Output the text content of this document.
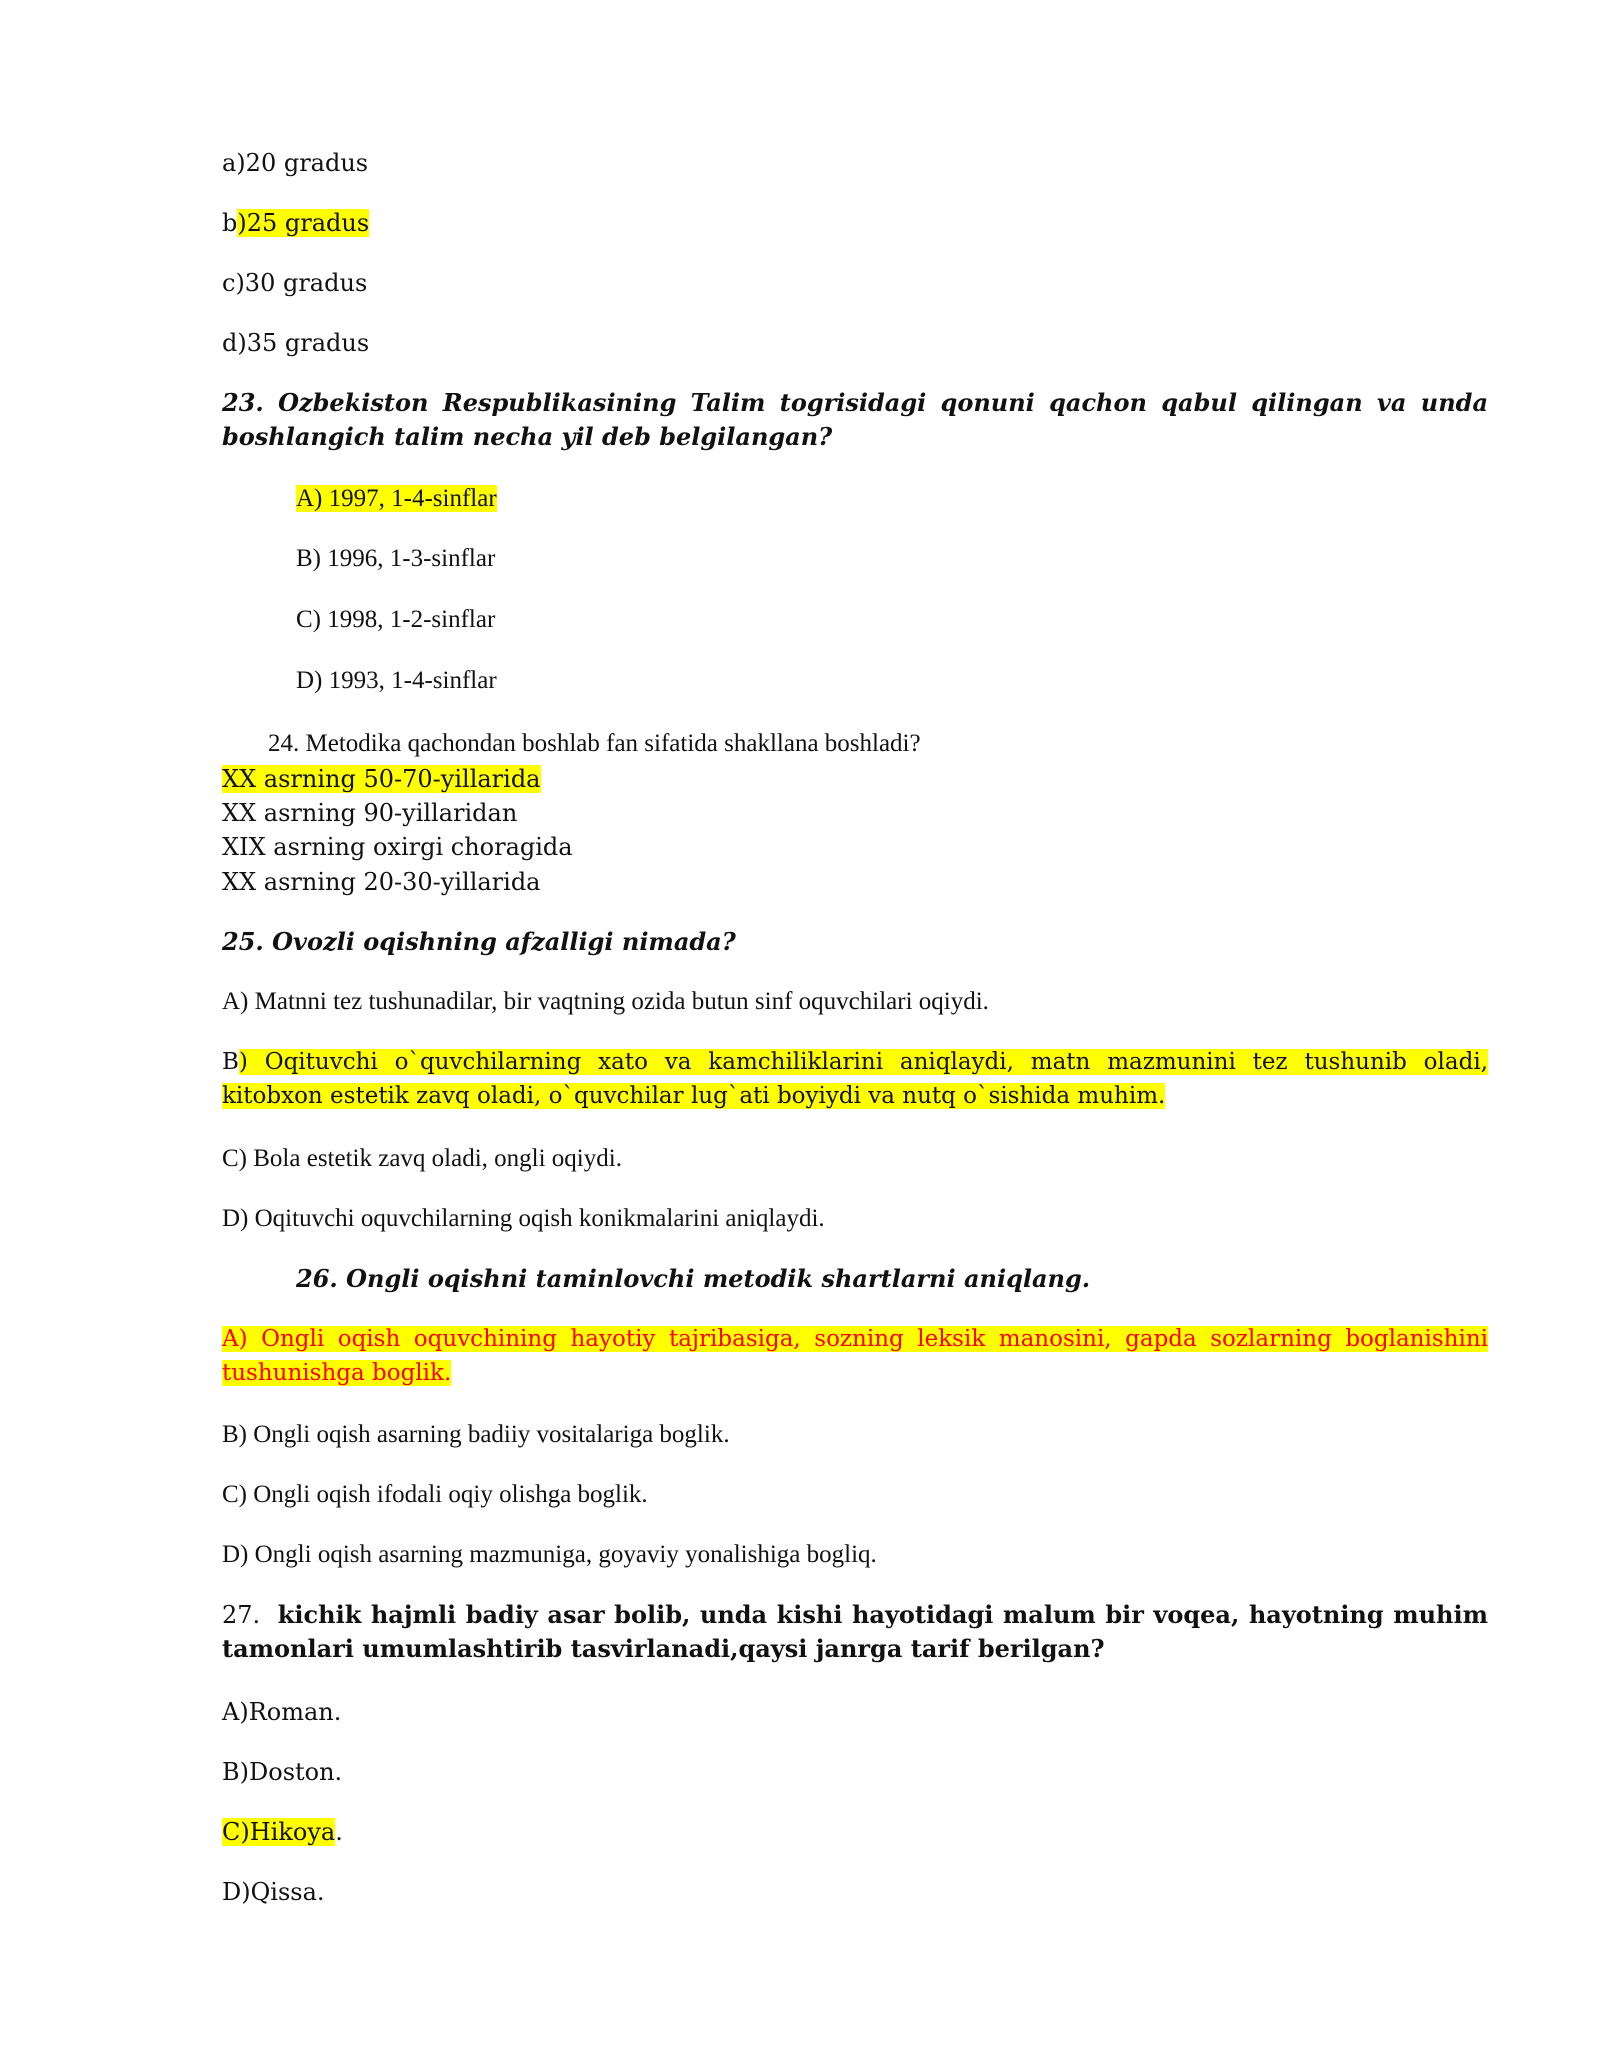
a)20 gradus
b)25 gradus
c)30 gradus
d)35 gradus
23. Ozbekiston Respublikasining Talim togrisidagi qonuni qachon qabul qilingan va unda boshlangich talim necha yil deb belgilangan?
A) 1997, 1-4-sinflar
B) 1996, 1-3-sinflar
C) 1998, 1-2-sinflar
D) 1993, 1-4-sinflar
24. Metodika qachondan boshlab fan sifatida shakllana boshladi?
XX asrning 50-70-yillarida
XX asrning 90-yillaridan
XIX asrning oxirgi choragida
XX asrning 20-30-yillarida
25. Ovozli oqishning afzalligi nimada?
A) Matnni tez tushunadilar, bir vaqtning ozida butun sinf oquvchilari oqiydi.
B) Oqituvchi o`quvchilarning xato va kamchiliklarini aniqlaydi, matn mazmunini tez tushunib oladi, kitobxon estetik zavq oladi, o`quvchilar lug`ati boyiydi va nutq o`sishida muhim.
C) Bola estetik zavq oladi, ongli oqiydi.
D) Oqituvchi oquvchilarning oqish konikmalarini aniqlaydi.
26. Ongli oqishni taminlovchi metodik shartlarni aniqlang.
A) Ongli oqish oquvchining hayotiy tajribasiga, sozning leksik manosini, gapda sozlarning boglanishini tushunishga boglik.
B) Ongli oqish asarning badiiy vositalariga boglik.
C) Ongli oqish ifodali oqiy olishga boglik.
D) Ongli oqish asarning mazmuniga, goyaviy yonalishiga bogliq.
27. kichik hajmli badiy asar bolib, unda kishi hayotidagi malum bir voqea, hayotning muhim tamonlari umumlashtirib tasvirlanadi,qaysi janrga tarif berilgan?
A)Roman.
B)Doston.
C)Hikoya.
D)Qissa.
